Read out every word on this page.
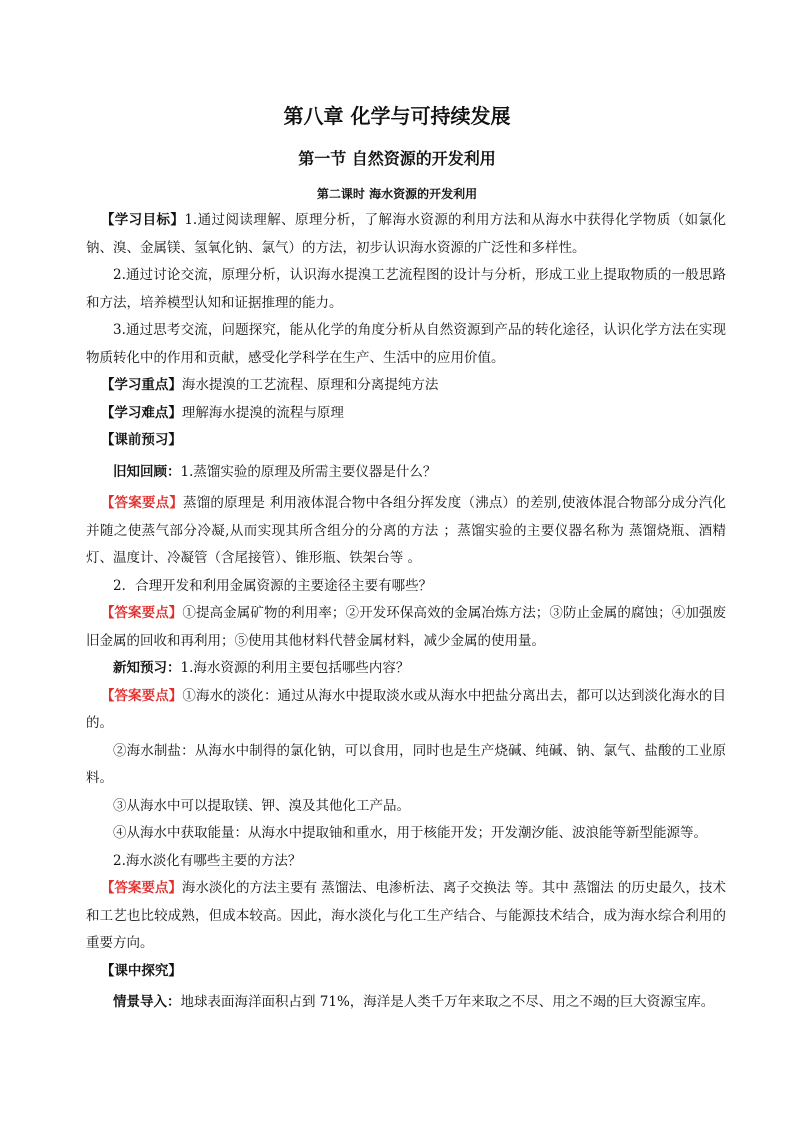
第八章 化学与可持续发展
第一节 自然资源的开发利用
第二课时 海水资源的开发利用

【学习目标】1.通过阅读理解、原理分析，了解海水资源的利用方法和从海水中获得化学物质（如氯化钠、溴、金属镁、氢氧化钠、氯气）的方法，初步认识海水资源的广泛性和多样性。

2.通过讨论交流，原理分析，认识海水提溴工艺流程图的设计与分析，形成工业上提取物质的一般思路和方法，培养模型认知和证据推理的能力。

3.通过思考交流，问题探究，能从化学的角度分析从自然资源到产品的转化途径，认识化学方法在实现物质转化中的作用和贡献，感受化学科学在生产、生活中的应用价值。

【学习重点】海水提溴的工艺流程、原理和分离提纯方法

【学习难点】理解海水提溴的流程与原理

【课前预习】

旧知回顾：1.蒸馏实验的原理及所需主要仪器是什么？

【答案要点】蒸馏的原理是 利用液体混合物中各组分挥发度（沸点）的差别,使液体混合物部分成分汽化并随之使蒸气部分冷凝,从而实现其所含组分的分离的方法 ；蒸馏实验的主要仪器名称为 蒸馏烧瓶、酒精灯、温度计、冷凝管（含尾接管）、锥形瓶、铁架台等 。

2．合理开发和利用金属资源的主要途径主要有哪些？

【答案要点】①提高金属矿物的利用率；②开发环保高效的金属冶炼方法；③防止金属的腐蚀；④加强废旧金属的回收和再利用；⑤使用其他材料代替金属材料，减少金属的使用量。

新知预习：1.海水资源的利用主要包括哪些内容？

【答案要点】①海水的淡化：通过从海水中提取淡水或从海水中把盐分离出去，都可以达到淡化海水的目的。

②海水制盐：从海水中制得的氯化钠，可以食用，同时也是生产烧碱、纯碱、钠、氯气、盐酸的工业原料。

③从海水中可以提取镁、钾、溴及其他化工产品。

④从海水中获取能量：从海水中提取铀和重水，用于核能开发；开发潮汐能、波浪能等新型能源等。

2.海水淡化有哪些主要的方法？

【答案要点】海水淡化的方法主要有 蒸馏法、电渗析法、离子交换法 等。其中 蒸馏法 的历史最久，技术和工艺也比较成熟，但成本较高。因此，海水淡化与化工生产结合、与能源技术结合，成为海水综合利用的重要方向。

【课中探究】

情景导入：地球表面海洋面积占到 71%，海洋是人类千万年来取之不尽、用之不竭的巨大资源宝库。
